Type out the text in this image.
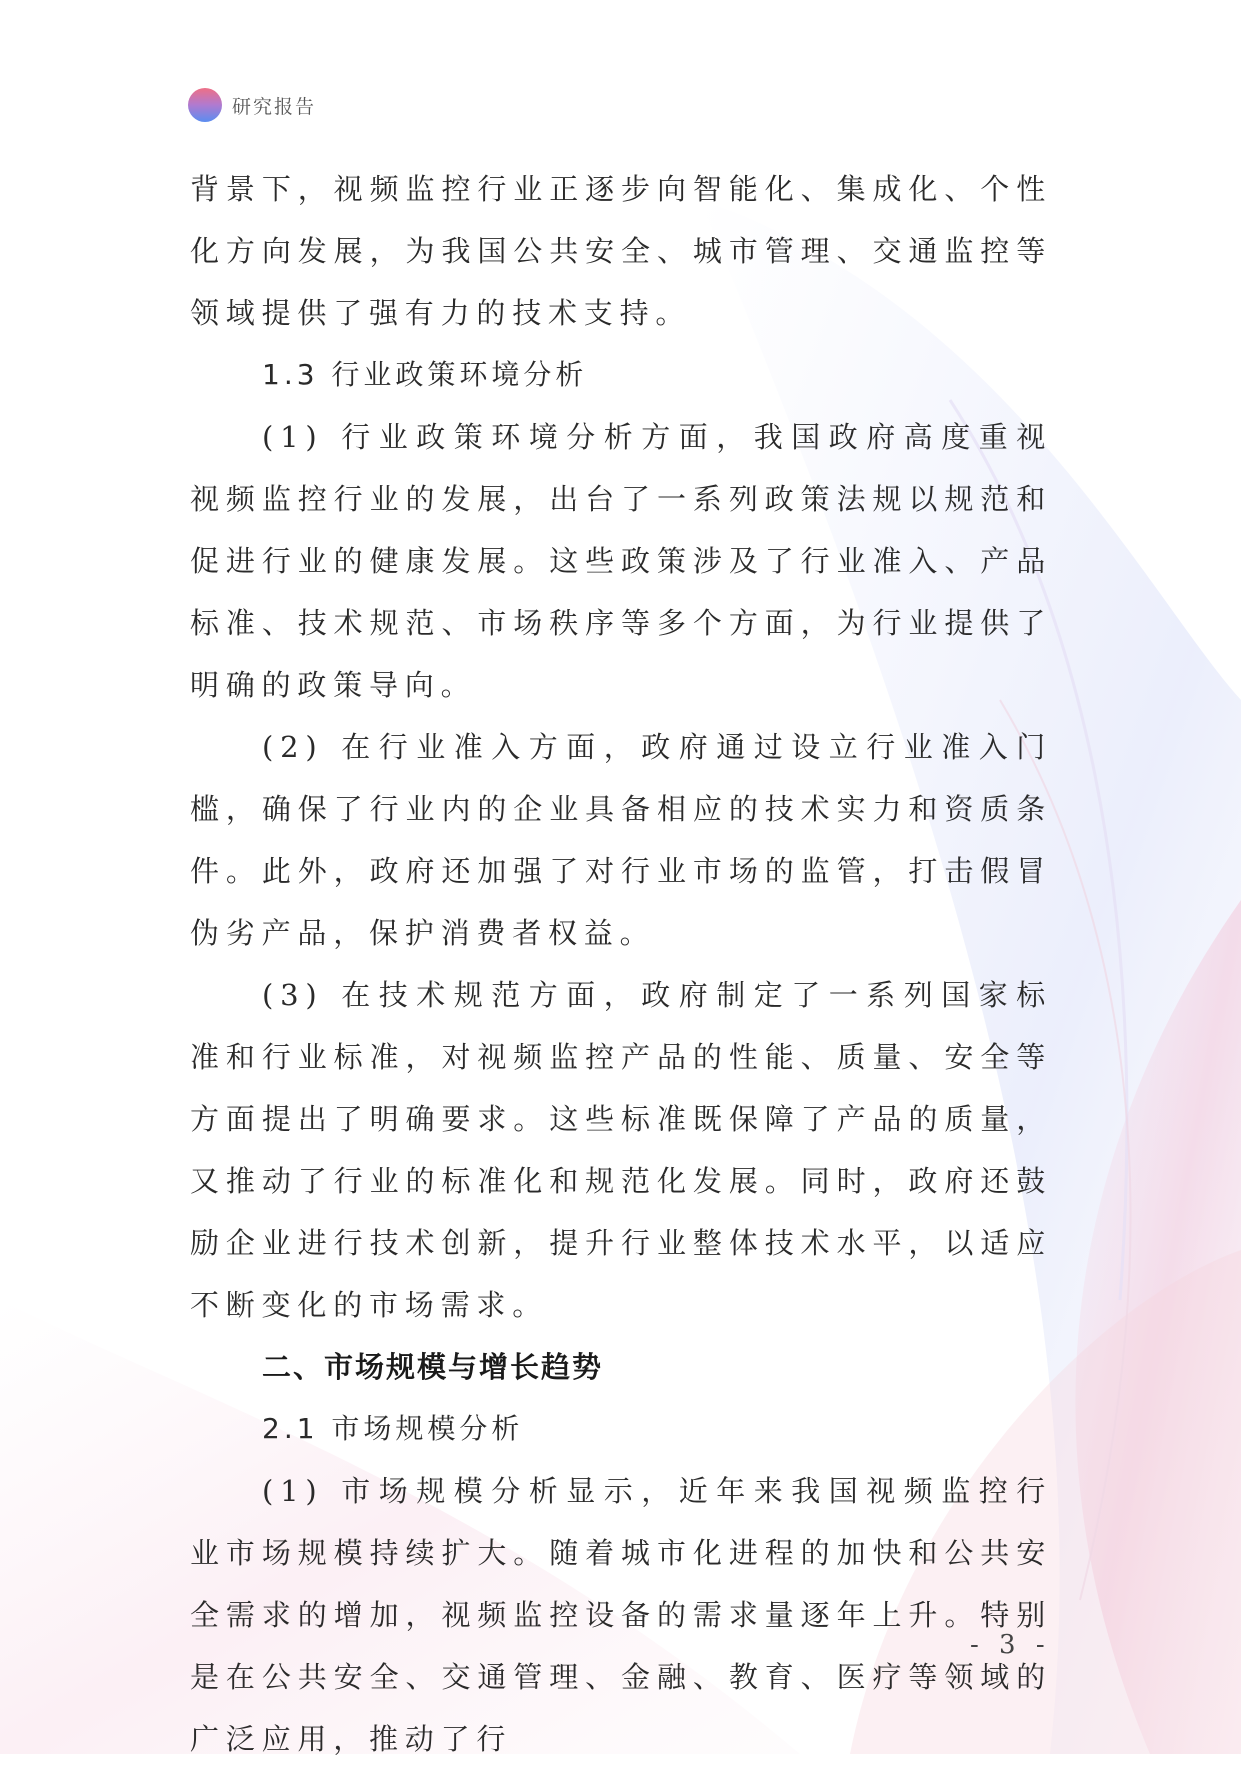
研究报告

背景下，视频监控行业正逐步向智能化、集成化、个性化方向发展，为我国公共安全、城市管理、交通监控等领域提供了强有力的技术支持。

1.3 行业政策环境分析

(1) 行业政策环境分析方面，我国政府高度重视视频监控行业的发展，出台了一系列政策法规以规范和促进行业的健康发展。这些政策涉及了行业准入、产品标准、技术规范、市场秩序等多个方面，为行业提供了明确的政策导向。

(2) 在行业准入方面，政府通过设立行业准入门槛，确保了行业内的企业具备相应的技术实力和资质条件。此外，政府还加强了对行业市场的监管，打击假冒伪劣产品，保护消费者权益。

(3) 在技术规范方面，政府制定了一系列国家标准和行业标准，对视频监控产品的性能、质量、安全等方面提出了明确要求。这些标准既保障了产品的质量，又推动了行业的标准化和规范化发展。同时，政府还鼓励企业进行技术创新，提升行业整体技术水平，以适应不断变化的市场需求。

二、市场规模与增长趋势

2.1 市场规模分析

(1) 市场规模分析显示，近年来我国视频监控行业市场规模持续扩大。随着城市化进程的加快和公共安全需求的增加，视频监控设备的需求量逐年上升。特别是在公共安全、交通管理、金融、教育、医疗等领域的广泛应用，推动了行

- 3 -
